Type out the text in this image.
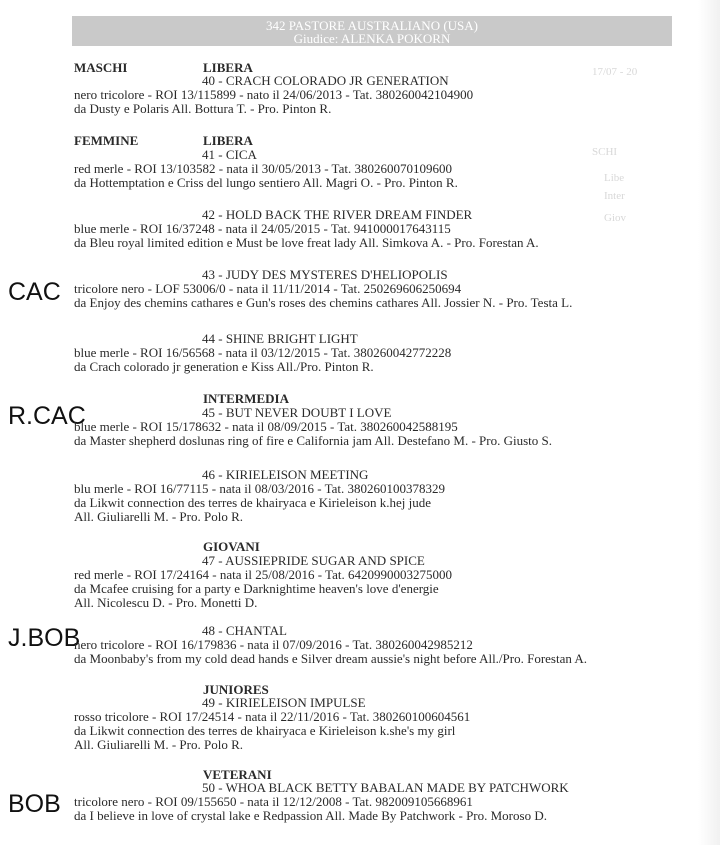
17/07 - 20
SCHI
Libe
Inter
Giov
342 PASTORE AUSTRALIANO (USA)
Giudice: ALENKA POKORN
MASCHI	LIBERA
40 - CRACH COLORADO JR GENERATION
nero tricolore - ROI 13/115899 - nato il 24/06/2013 - Tat. 380260042104900
da Dusty e Polaris All. Bottura T. - Pro. Pinton R.
FEMMINE	LIBERA
41 - CICA
red merle - ROI 13/103582 - nata il 30/05/2013 - Tat. 380260070109600
da Hottemptation e Criss del lungo sentiero All. Magri O. - Pro. Pinton R.
42 - HOLD BACK THE RIVER DREAM FINDER
blue merle - ROI 16/37248 - nata il 24/05/2015 - Tat. 941000017643115
da Bleu royal limited edition e Must be love freat lady All. Simkova A. - Pro. Forestan A.
CAC
43 - JUDY DES MYSTERES D'HELIOPOLIS
tricolore nero - LOF 53006/0 - nata il 11/11/2014 - Tat. 250269606250694
da Enjoy des chemins cathares e Gun's roses des chemins cathares All. Jossier N. - Pro. Testa L.
44 - SHINE BRIGHT LIGHT
blue merle - ROI 16/56568 - nata il 03/12/2015 - Tat. 380260042772228
da Crach colorado jr generation e Kiss All./Pro. Pinton R.
INTERMEDIA
R.CAC	45 - BUT NEVER DOUBT I LOVE
blue merle - ROI 15/178632 - nata il 08/09/2015 - Tat. 380260042588195
da Master shepherd doslunas ring of fire e California jam All. Destefano M. - Pro. Giusto S.
46 - KIRIELEISON MEETING
blu merle - ROI 16/77115 - nata il 08/03/2016 - Tat. 380260100378329
da Likwit connection des terres de khairyaca e Kirieleison k.hej jude
All. Giuliarelli M. - Pro. Polo R.
GIOVANI
47 - AUSSIEPRIDE SUGAR AND SPICE
red merle - ROI 17/24164 - nata il 25/08/2016 - Tat. 6420990003275000
da Mcafee cruising for a party e Darknightime heaven's love d'energie
All. Nicolescu D. - Pro. Monetti D.
J.BOB	48 - CHANTAL
nero tricolore - ROI 16/179836 - nata il 07/09/2016 - Tat. 380260042985212
da Moonbaby's from my cold dead hands e Silver dream aussie's night before All./Pro. Forestan A.
JUNIORES
49 - KIRIELEISON IMPULSE
rosso tricolore - ROI 17/24514 - nata il 22/11/2016 - Tat. 380260100604561
da Likwit connection des terres de khairyaca e Kirieleison k.she's my girl
All. Giuliarelli M. - Pro. Polo R.
VETERANI
BOB
50 - WHOA BLACK BETTY BABALAN MADE BY PATCHWORK
tricolore nero - ROI 09/155650 - nata il 12/12/2008 - Tat. 982009105668961
da I believe in love of crystal lake e Redpassion All. Made By Patchwork - Pro. Moroso D.
